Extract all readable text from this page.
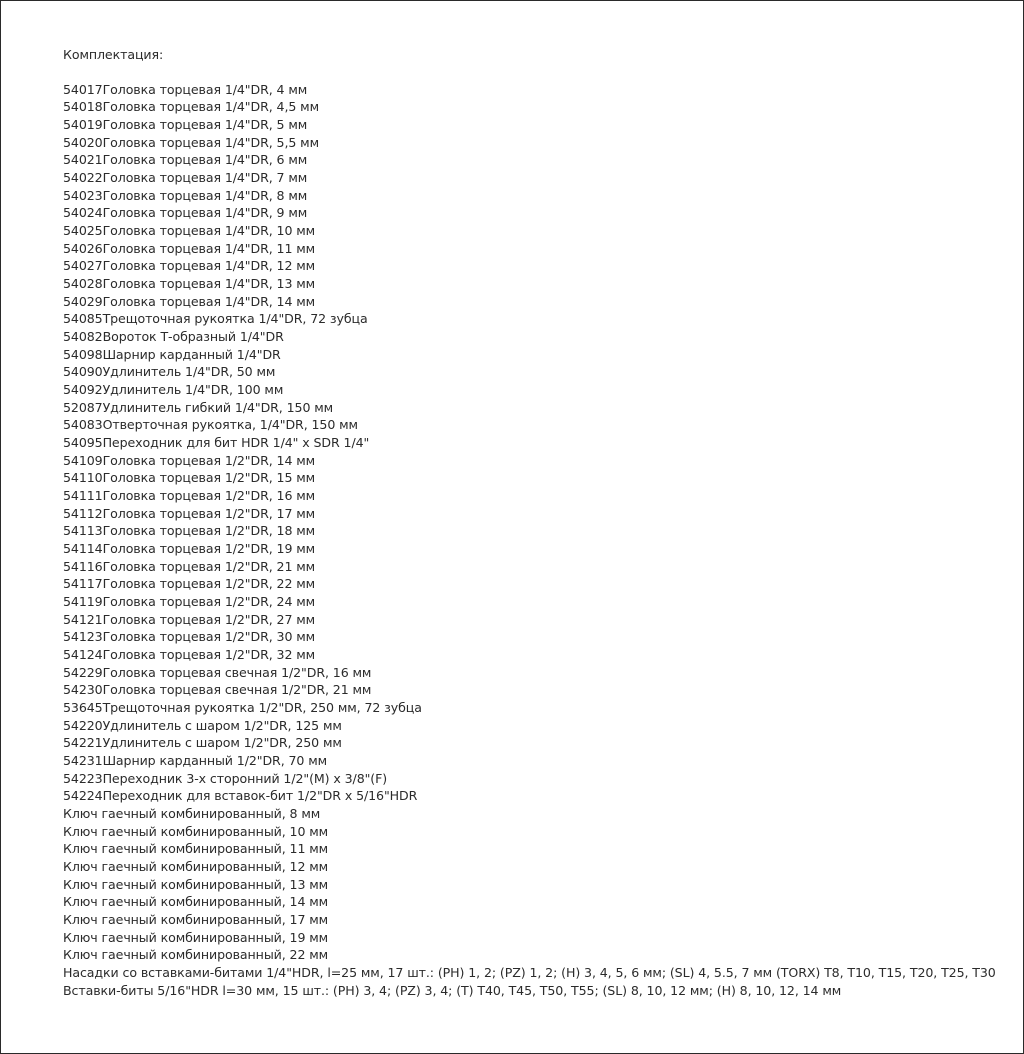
Комплектация:

54017Головка торцевая 1/4"DR, 4 мм
54018Головка торцевая 1/4"DR, 4,5 мм
54019Головка торцевая 1/4"DR, 5 мм
54020Головка торцевая 1/4"DR, 5,5 мм
54021Головка торцевая 1/4"DR, 6 мм
54022Головка торцевая 1/4"DR, 7 мм
54023Головка торцевая 1/4"DR, 8 мм
54024Головка торцевая 1/4"DR, 9 мм
54025Головка торцевая 1/4"DR, 10 мм
54026Головка торцевая 1/4"DR, 11 мм
54027Головка торцевая 1/4"DR, 12 мм
54028Головка торцевая 1/4"DR, 13 мм
54029Головка торцевая 1/4"DR, 14 мм
54085Трещоточная рукоятка 1/4"DR, 72 зубца
54082Вороток Т-образный 1/4"DR
54098Шарнир карданный 1/4"DR
54090Удлинитель 1/4"DR, 50 мм
54092Удлинитель 1/4"DR, 100 мм
52087Удлинитель гибкий 1/4"DR, 150 мм
54083Отверточная рукоятка, 1/4"DR, 150 мм
54095Переходник для бит HDR 1/4" x SDR 1/4"
54109Головка торцевая 1/2"DR, 14 мм
54110Головка торцевая 1/2"DR, 15 мм
54111Головка торцевая 1/2"DR, 16 мм
54112Головка торцевая 1/2"DR, 17 мм
54113Головка торцевая 1/2"DR, 18 мм
54114Головка торцевая 1/2"DR, 19 мм
54116Головка торцевая 1/2"DR, 21 мм
54117Головка торцевая 1/2"DR, 22 мм
54119Головка торцевая 1/2"DR, 24 мм
54121Головка торцевая 1/2"DR, 27 мм
54123Головка торцевая 1/2"DR, 30 мм
54124Головка торцевая 1/2"DR, 32 мм
54229Головка торцевая свечная 1/2"DR, 16 мм
54230Головка торцевая свечная 1/2"DR, 21 мм
53645Трещоточная рукоятка 1/2"DR, 250 мм, 72 зубца
54220Удлинитель с шаром 1/2"DR, 125 мм
54221Удлинитель с шаром 1/2"DR, 250 мм
54231Шарнир карданный 1/2"DR, 70 мм
54223Переходник 3-х сторонний 1/2"(M) x 3/8"(F)
54224Переходник для вставок-бит 1/2"DR x 5/16"HDR
Ключ гаечный комбинированный, 8 мм
Ключ гаечный комбинированный, 10 мм
Ключ гаечный комбинированный, 11 мм
Ключ гаечный комбинированный, 12 мм
Ключ гаечный комбинированный, 13 мм
Ключ гаечный комбинированный, 14 мм
Ключ гаечный комбинированный, 17 мм
Ключ гаечный комбинированный, 19 мм
Ключ гаечный комбинированный, 22 мм
Насадки со вставками-битами 1/4"HDR, l=25 мм, 17 шт.: (PH) 1, 2; (PZ) 1, 2; (H) 3, 4, 5, 6 мм; (SL) 4, 5.5, 7 мм (TORX) T8, T10, T15, T20, T25, T30
Вставки-биты 5/16"HDR l=30 мм, 15 шт.: (PH) 3, 4; (PZ) 3, 4; (T) T40, T45, T50, T55; (SL) 8, 10, 12 мм; (H) 8, 10, 12, 14 мм
